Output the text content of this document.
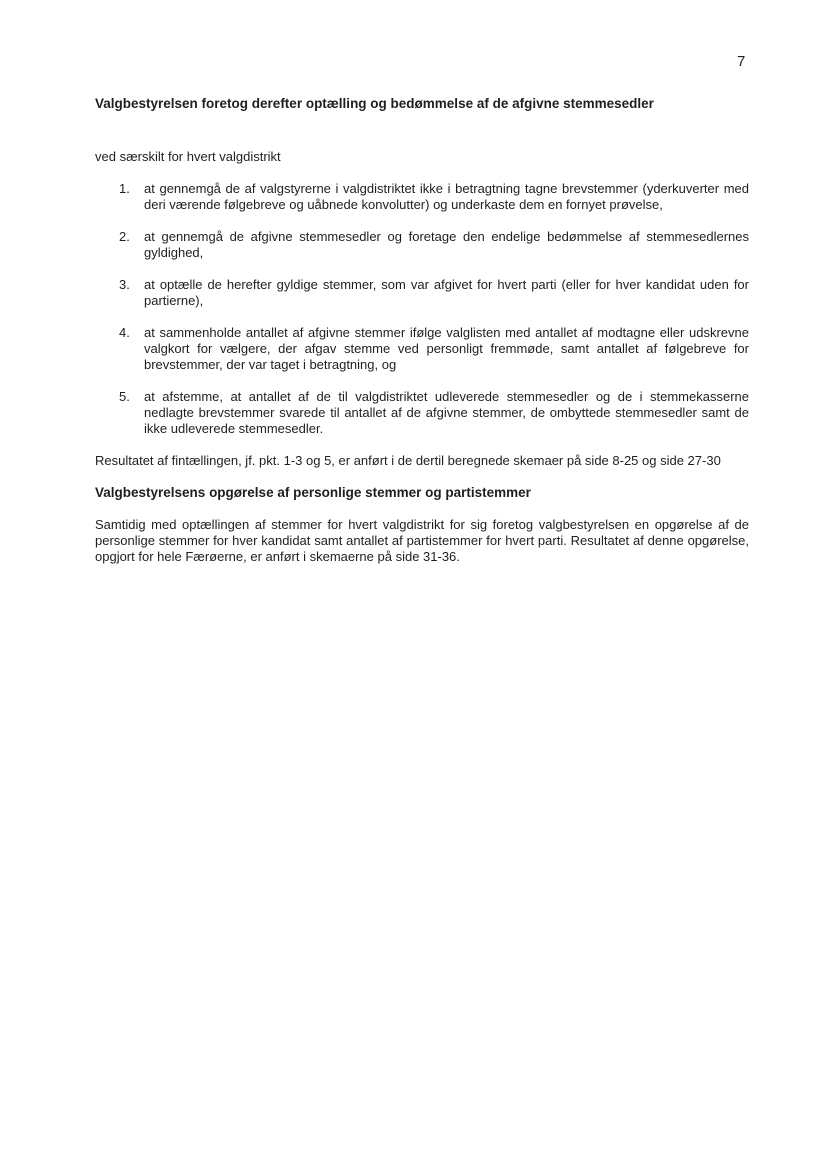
7
Valgbestyrelsen foretog derefter optælling og bedømmelse af de afgivne stemmesedler

ved særskilt for hvert valgdistrikt

1. at gennemgå de af valgstyrerne i valgdistriktet ikke i betragtning tagne brevstemmer (yderkuverter med deri værende følgebreve og uåbnede konvolutter) og underkaste dem en fornyet prøvelse,
2. at gennemgå de afgivne stemmesedler og foretage den endelige bedømmelse af stemmesedlernes gyldighed,
3. at optælle de herefter gyldige stemmer, som var afgivet for hvert parti (eller for hver kandidat uden for partierne),
4. at sammenholde antallet af afgivne stemmer ifølge valglisten med antallet af modtagne eller udskrevne valgkort for vælgere, der afgav stemme ved personligt fremmøde, samt antallet af følgebreve for brevstemmer, der var taget i betragtning, og
5. at afstemme, at antallet af de til valgdistriktet udleverede stemmesedler og de i stemmekasserne nedlagte brevstemmer svarede til antallet af de afgivne stemmer, de ombyttede stemmesedler samt de ikke udleverede stemmesedler.

Resultatet af fintællingen, jf. pkt. 1-3 og 5, er anført i de dertil beregnede skemaer på side 8-25 og side 27-30

Valgbestyrelsens opgørelse af personlige stemmer og partistemmer

Samtidig med optællingen af stemmer for hvert valgdistrikt for sig foretog valgbestyrelsen en opgørelse af de personlige stemmer for hver kandidat samt antallet af partistemmer for hvert parti. Resultatet af denne opgørelse, opgjort for hele Færøerne, er anført i skemaerne på side 31-36.
